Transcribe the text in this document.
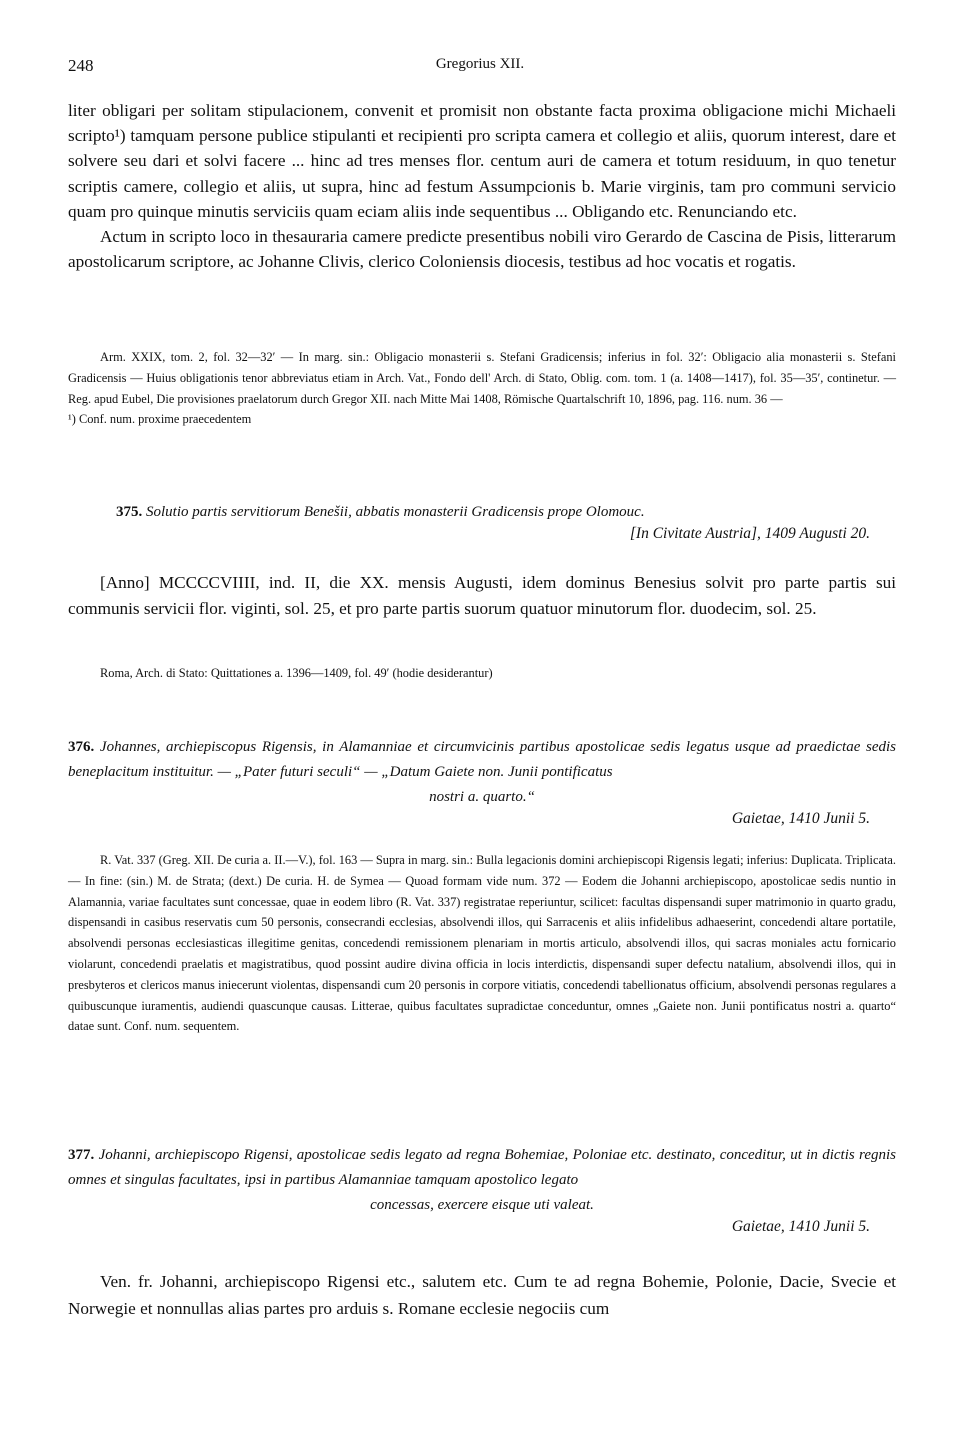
248	Gregorius XII.

liter obligari per solitam stipulacionem, convenit et promisit non obstante facta proxima obligacione michi Michaeli scripto¹) tamquam persone publice stipulanti et recipienti pro scripta camera et collegio et aliis, quorum interest, dare et solvere seu dari et solvi facere ... hinc ad tres menses flor. centum auri de camera et totum residuum, in quo tenetur scriptis camere, collegio et aliis, ut supra, hinc ad festum Assumpcionis b. Marie virginis, tam pro communi servicio quam pro quinque minutis serviciis quam eciam aliis inde sequentibus ... Obligando etc. Renunciando etc.

Actum in scripto loco in thesauraria camere predicte presentibus nobili viro Gerardo de Cascina de Pisis, litterarum apostolicarum scriptore, ac Johanne Clivis, clerico Coloniensis diocesis, testibus ad hoc vocatis et rogatis.

Arm. XXIX, tom. 2, fol. 32—32′ — In marg. sin.: Obligacio monasterii s. Stefani Gradicensis; inferius in fol. 32′: Obligacio alia monasterii s. Stefani Gradicensis — Huius obligationis tenor abbreviatus etiam in Arch. Vat., Fondo dell' Arch. di Stato, Oblig. com. tom. 1 (a. 1408—1417), fol. 35—35′, continetur. — Reg. apud Eubel, Die provisiones praelatorum durch Gregor XII. nach Mitte Mai 1408, Römische Quartalschrift 10, 1896, pag. 116. num. 36 —

¹) Conf. num. proxime praecedentem

375. Solutio partis servitiorum Benešii, abbatis monasterii Gradicensis prope Olomouc.

[In Civitate Austria], 1409 Augusti 20.

[Anno] MCCCCVIIII, ind. II, die XX. mensis Augusti, idem dominus Benesius solvit pro parte partis sui communis servicii flor. viginti, sol. 25, et pro parte partis suorum quatuor minutorum flor. duodecim, sol. 25.

Roma, Arch. di Stato: Quittationes a. 1396—1409, fol. 49′ (hodie desiderantur)

376. Johannes, archiepiscopus Rigensis, in Alamanniae et circumvicinis partibus apostolicae sedis legatus usque ad praedictae sedis beneplacitum instituitur. — „Pater futuri seculi“ — „Datum Gaiete non. Junii pontificatus
nostri a. quarto.“

Gaietae, 1410 Junii 5.

R. Vat. 337 (Greg. XII. De curia a. II.—V.), fol. 163 — Supra in marg. sin.: Bulla legacionis domini archiepiscopi Rigensis legati; inferius: Duplicata. Triplicata. — In fine: (sin.) M. de Strata; (dext.) De curia. H. de Symea — Quoad formam vide num. 372 — Eodem die Johanni archiepiscopo, apostolicae sedis nuntio in Alamannia, variae facultates sunt concessae, quae in eodem libro (R. Vat. 337) registratae reperiuntur, scilicet: facultas dispensandi super matrimonio in quarto gradu, dispensandi in casibus reservatis cum 50 personis, consecrandi ecclesias, absolvendi illos, qui Sarracenis et aliis infidelibus adhaeserint, concedendi altare portatile, absolvendi personas ecclesiasticas illegitime genitas, concedendi remissionem plenariam in mortis articulo, absolvendi illos, qui sacras moniales actu fornicario violarunt, concedendi praelatis et magistratibus, quod possint audire divina officia in locis interdictis, dispensandi super defectu natalium, absolvendi illos, qui in presbyteros et clericos manus iniecerunt violentas, dispensandi cum 20 personis in corpore vitiatis, concedendi tabellionatus officium, absolvendi personas regulares a quibuscunque iuramentis, audiendi quascunque causas. Litterae, quibus facultates supradictae conceduntur, omnes „Gaiete non. Junii pontificatus nostri a. quarto“ datae sunt. Conf. num. sequentem.

377. Johanni, archiepiscopo Rigensi, apostolicae sedis legato ad regna Bohemiae, Poloniae etc. destinato, conceditur, ut in dictis regnis omnes et singulas facultates, ipsi in partibus Alamanniae tamquam apostolico legato
concessas, exercere eisque uti valeat.

Gaietae, 1410 Junii 5.

Ven. fr. Johanni, archiepiscopo Rigensi etc., salutem etc. Cum te ad regna Bohemie, Polonie, Dacie, Svecie et Norwegie et nonnullas alias partes pro arduis s. Romane ecclesie negociis cum
